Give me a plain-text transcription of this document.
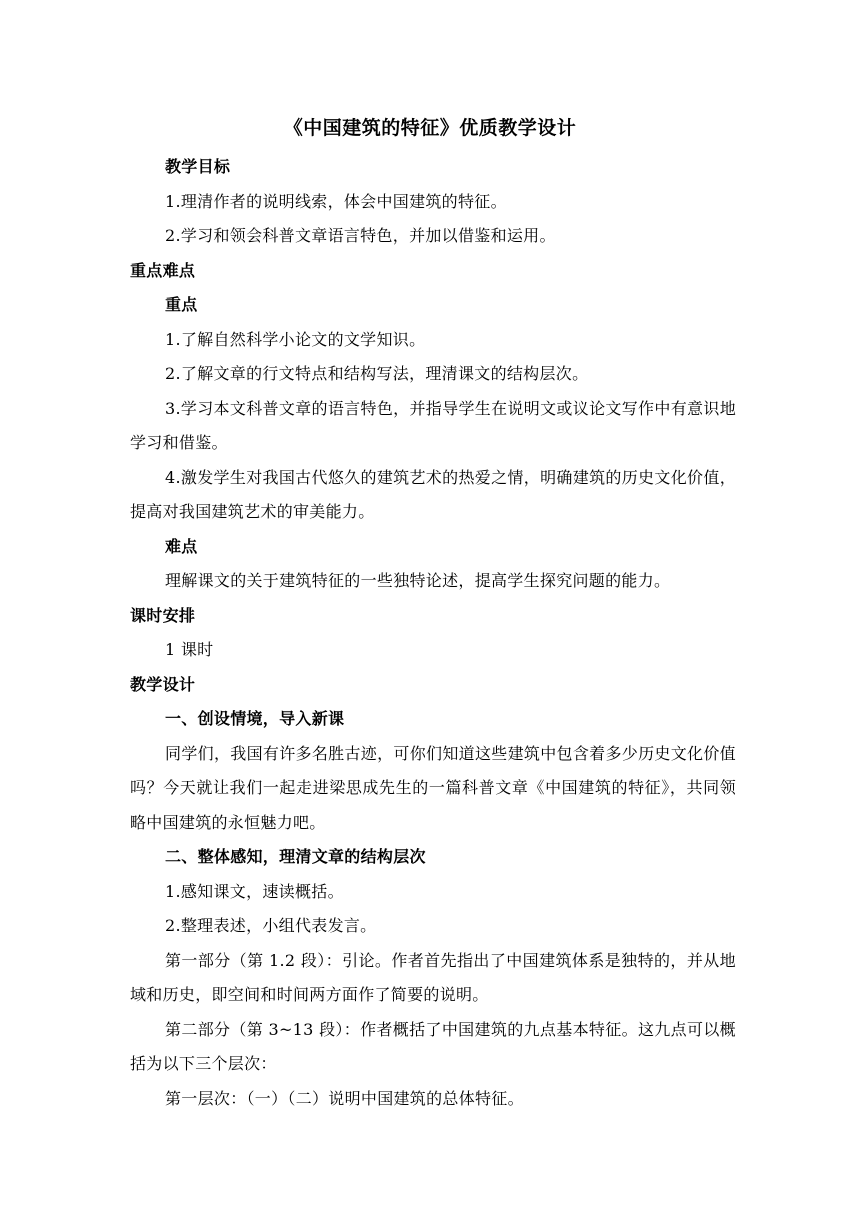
《中国建筑的特征》优质教学设计

教学目标

1.理清作者的说明线索，体会中国建筑的特征。

2.学习和领会科普文章语言特色，并加以借鉴和运用。

重点难点

重点

1.了解自然科学小论文的文学知识。

2.了解文章的行文特点和结构写法，理清课文的结构层次。

3.学习本文科普文章的语言特色，并指导学生在说明文或议论文写作中有意识地学习和借鉴。

4.激发学生对我国古代悠久的建筑艺术的热爱之情，明确建筑的历史文化价值，提高对我国建筑艺术的审美能力。

难点

理解课文的关于建筑特征的一些独特论述，提高学生探究问题的能力。

课时安排

1 课时

教学设计

一、创设情境，导入新课

同学们，我国有许多名胜古迹，可你们知道这些建筑中包含着多少历史文化价值吗？今天就让我们一起走进梁思成先生的一篇科普文章《中国建筑的特征》，共同领略中国建筑的永恒魅力吧。

二、整体感知，理清文章的结构层次

1.感知课文，速读概括。

2.整理表述，小组代表发言。

第一部分（第 1.2 段）：引论。作者首先指出了中国建筑体系是独特的，并从地域和历史，即空间和时间两方面作了简要的说明。

第二部分（第 3~13 段）：作者概括了中国建筑的九点基本特征。这九点可以概括为以下三个层次：

第一层次：（一）（二）说明中国建筑的总体特征。
